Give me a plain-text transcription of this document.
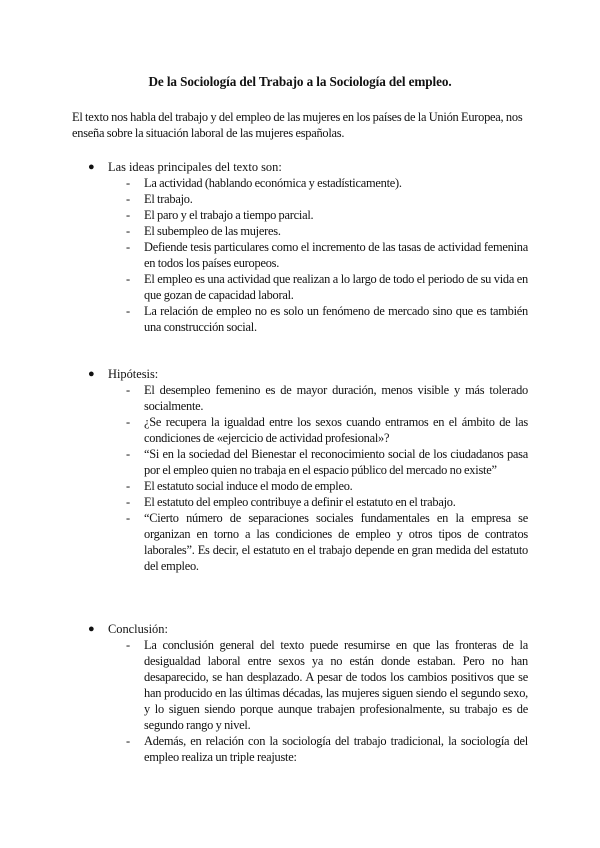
De la Sociología del Trabajo a la Sociología del empleo.

El texto nos habla del trabajo y del empleo de las mujeres en los países de la Unión Europea, nos enseña sobre la situación laboral de las mujeres españolas.

● Las ideas principales del texto son:
- La actividad (hablando económica y estadísticamente).
- El trabajo.
- El paro y el trabajo a tiempo parcial.
- El subempleo de las mujeres.
- Defiende tesis particulares como el incremento de las tasas de actividad femenina en todos los países europeos.
- El empleo es una actividad que realizan a lo largo de todo el periodo de su vida en que gozan de capacidad laboral.
- La relación de empleo no es solo un fenómeno de mercado sino que es también una construcción social.
● Hipótesis:
- El desempleo femenino es de mayor duración, menos visible y más tolerado socialmente.
- ¿Se recupera la igualdad entre los sexos cuando entramos en el ámbito de las condiciones de «ejercicio de actividad profesional»?
- “Si en la sociedad del Bienestar el reconocimiento social de los ciudadanos pasa por el empleo quien no trabaja en el espacio público del mercado no existe”
- El estatuto social induce el modo de empleo.
- El estatuto del empleo contribuye a definir el estatuto en el trabajo.
- “Cierto número de separaciones sociales fundamentales en la empresa se organizan en torno a las condiciones de empleo y otros tipos de contratos laborales”. Es decir, el estatuto en el trabajo depende en gran medida del estatuto del empleo.
● Conclusión:
- La conclusión general del texto puede resumirse en que las fronteras de la desigualdad laboral entre sexos ya no están donde estaban. Pero no han desaparecido, se han desplazado. A pesar de todos los cambios positivos que se han producido en las últimas décadas, las mujeres siguen siendo el segundo sexo, y lo siguen siendo porque aunque trabajen profesionalmente, su trabajo es de segundo rango y nivel.
- Además, en relación con la sociología del trabajo tradicional, la sociología del empleo realiza un triple reajuste:
